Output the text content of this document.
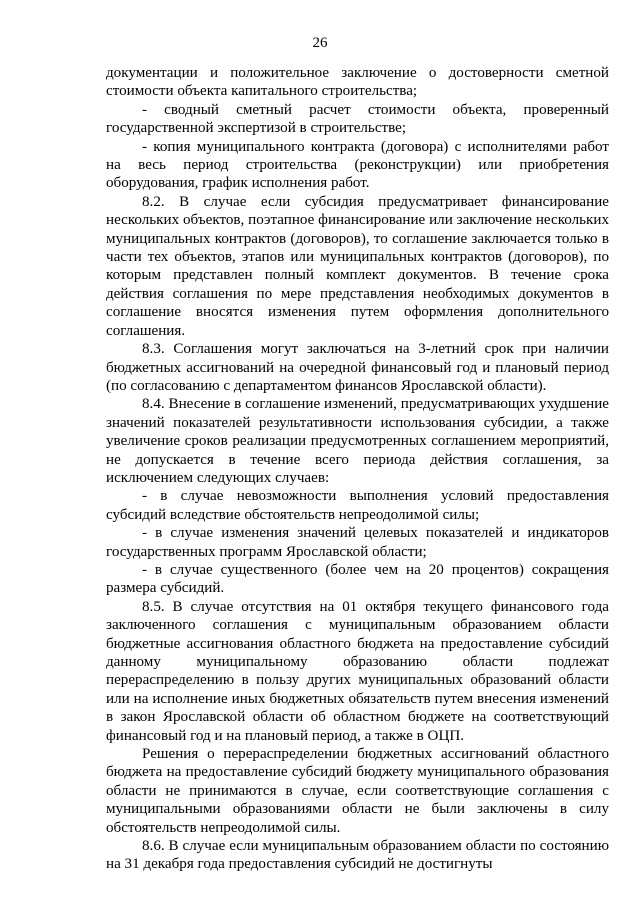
26

документации и положительное заключение о достоверности сметной стоимости объекта капитального строительства;

- сводный сметный расчет стоимости объекта, проверенный государственной экспертизой в строительстве;

- копия муниципального контракта (договора) с исполнителями работ на весь период строительства (реконструкции) или приобретения оборудования, график исполнения работ.

8.2. В случае если субсидия предусматривает финансирование нескольких объектов, поэтапное финансирование или заключение нескольких муниципальных контрактов (договоров), то соглашение заключается только в части тех объектов, этапов или муниципальных контрактов (договоров), по которым представлен полный комплект документов. В течение срока действия соглашения по мере представления необходимых документов в соглашение вносятся изменения путем оформления дополнительного соглашения.

8.3. Соглашения могут заключаться на 3-летний срок при наличии бюджетных ассигнований на очередной финансовый год и плановый период (по согласованию с департаментом финансов Ярославской области).

8.4. Внесение в соглашение изменений, предусматривающих ухудшение значений показателей результативности использования субсидии, а также увеличение сроков реализации предусмотренных соглашением мероприятий, не допускается в течение всего периода действия соглашения, за исключением следующих случаев:

- в случае невозможности выполнения условий предоставления субсидий вследствие обстоятельств непреодолимой силы;

- в случае изменения значений целевых показателей и индикаторов государственных программ Ярославской области;

- в случае существенного (более чем на 20 процентов) сокращения размера субсидий.

8.5. В случае отсутствия на 01 октября текущего финансового года заключенного соглашения с муниципальным образованием области бюджетные ассигнования областного бюджета на предоставление субсидий данному муниципальному образованию области подлежат перераспределению в пользу других муниципальных образований области или на исполнение иных бюджетных обязательств путем внесения изменений в закон Ярославской области об областном бюджете на соответствующий финансовый год и на плановый период, а также в ОЦП.

Решения о перераспределении бюджетных ассигнований областного бюджета на предоставление субсидий бюджету муниципального образования области не принимаются в случае, если соответствующие соглашения с муниципальными образованиями области не были заключены в силу обстоятельств непреодолимой силы.

8.6. В случае если муниципальным образованием области по состоянию на 31 декабря года предоставления субсидий не достигнуты
